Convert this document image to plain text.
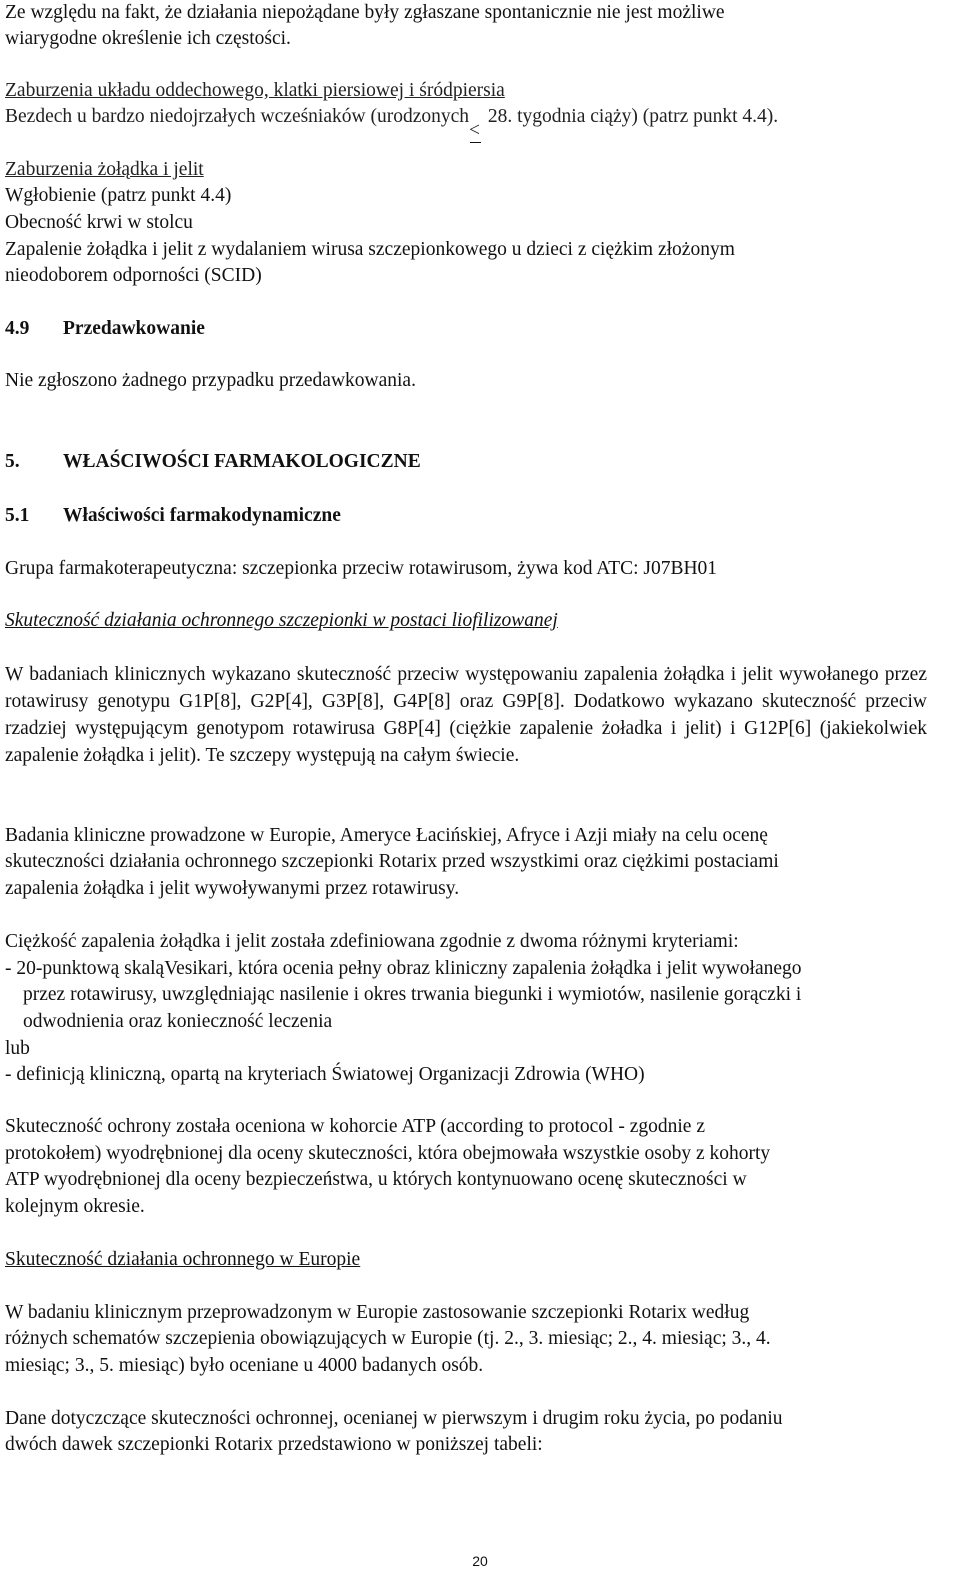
Ze względu na fakt, że działania niepożądane były zgłaszane spontanicznie nie jest możliwe
wiarygodne określenie ich częstości.
Zaburzenia układu oddechowego, klatki piersiowej i śródpiersia
Bezdech u bardzo niedojrzałych wcześniaków (urodzonych 28. tygodnia ciąży) (patrz punkt 4.4).
Zaburzenia żołądka i jelit
Wgłobienie (patrz punkt 4.4)
Obecność krwi w stolcu
Zapalenie żołądka i jelit z wydalaniem wirusa szczepionkowego u dzieci z ciężkim złożonym
nieodoborem odporności (SCID)
4.9 Przedawkowanie
Nie zgłoszono żadnego przypadku przedawkowania.
5. WŁAŚCIWOŚCI FARMAKOLOGICZNE
5.1 Właściwości farmakodynamiczne
Grupa farmakoterapeutyczna: szczepionka przeciw rotawirusom, żywa kod ATC: J07BH01
Skuteczność działania ochronnego szczepionki w postaci liofilizowanej
W badaniach klinicznych wykazano skuteczność przeciw występowaniu zapalenia żołądka i jelit wywołanego przez rotawirusy genotypu G1P[8], G2P[4], G3P[8], G4P[8] oraz G9P[8]. Dodatkowo wykazano skuteczność przeciw rzadziej występującym genotypom rotawirusa G8P[4] (ciężkie zapalenie żoładka i jelit) i G12P[6] (jakiekolwiek zapalenie żołądka i jelit). Te szczepy występują na całym świecie.
Badania kliniczne prowadzone w Europie, Ameryce Łacińskiej, Afryce i Azji miały na celu ocenę
skuteczności działania ochronnego szczepionki Rotarix przed wszystkimi oraz ciężkimi postaciami
zapalenia żołądka i jelit wywoływanymi przez rotawirusy.
Ciężkość zapalenia żołądka i jelit została zdefiniowana zgodnie z dwoma różnymi kryteriami:
- 20-punktową skaląVesikari, która ocenia pełny obraz kliniczny zapalenia żołądka i jelit wywołanego
przez rotawirusy, uwzględniając nasilenie i okres trwania biegunki i wymiotów, nasilenie gorączki i
odwodnienia oraz konieczność leczenia
lub
- definicją kliniczną, opartą na kryteriach Światowej Organizacji Zdrowia (WHO)
Skuteczność ochrony została oceniona w kohorcie ATP (according to protocol - zgodnie z
protokołem) wyodrębnionej dla oceny skuteczności, która obejmowała wszystkie osoby z kohorty
ATP wyodrębnionej dla oceny bezpieczeństwa, u których kontynuowano ocenę skuteczności w
kolejnym okresie.
Skuteczność działania ochronnego w Europie
W badaniu klinicznym przeprowadzonym w Europie zastosowanie szczepionki Rotarix według
różnych schematów szczepienia obowiązujących w Europie (tj. 2., 3. miesiąc; 2., 4. miesiąc; 3., 4.
miesiąc; 3., 5. miesiąc) było oceniane u 4000 badanych osób.
Dane dotyczczące skuteczności ochronnej, ocenianej w pierwszym i drugim roku życia, po podaniu
dwóch dawek szczepionki Rotarix przedstawiono w poniższej tabeli:
20
